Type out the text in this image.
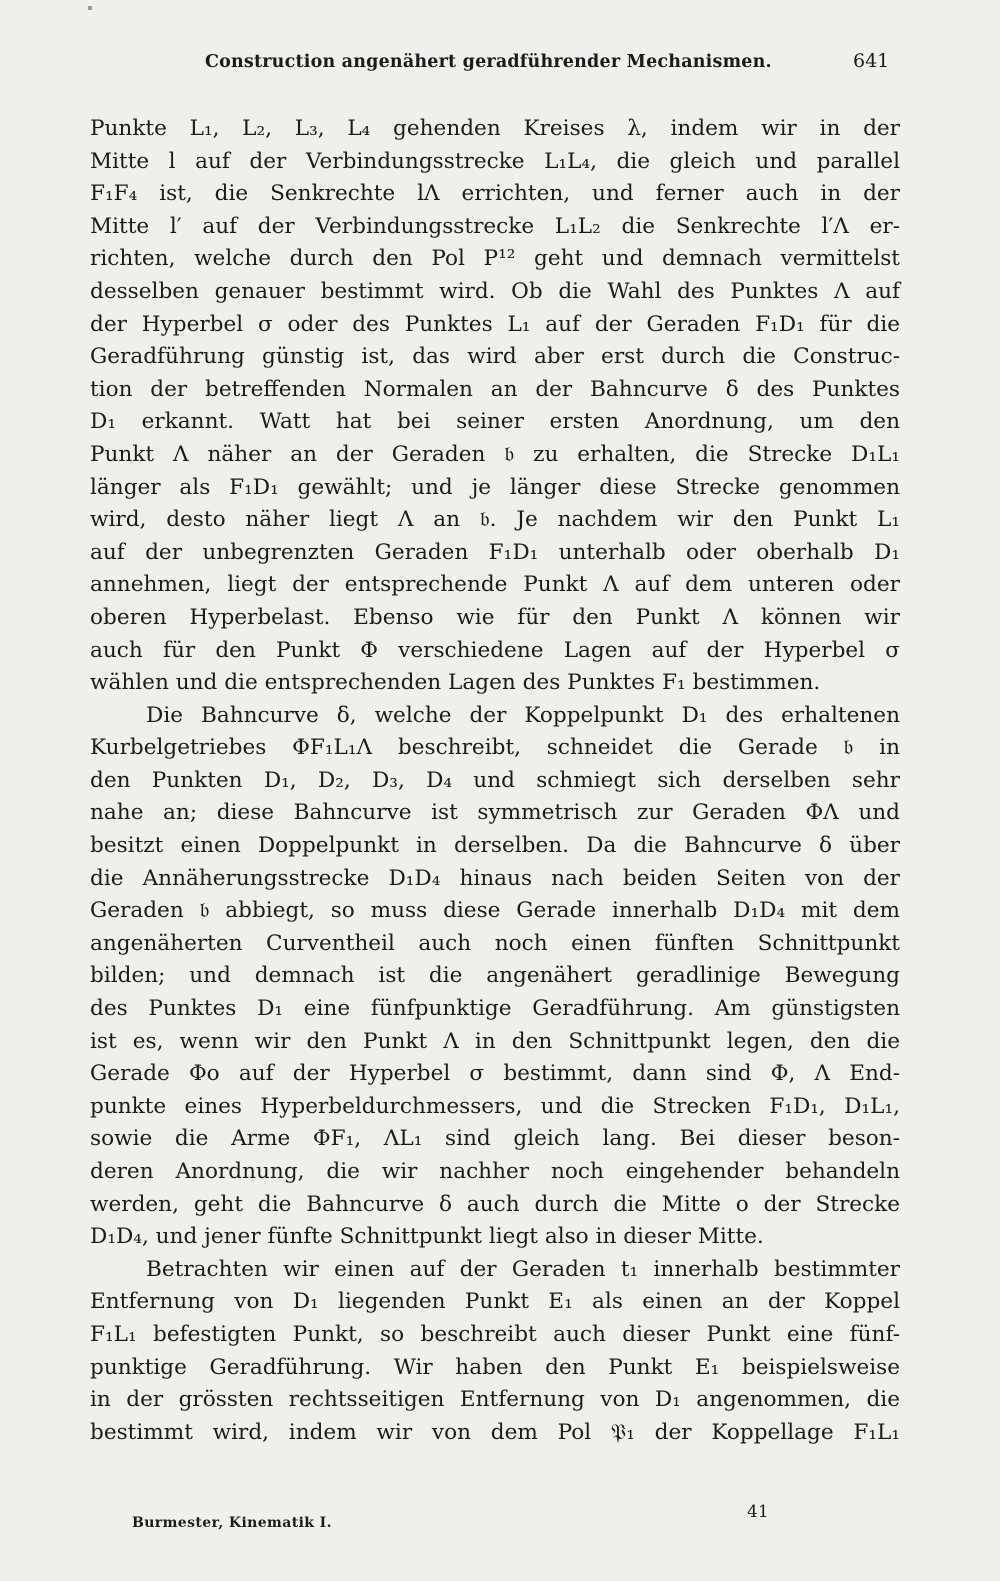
Construction angenähert geradführender Mechanismen.	641
Punkte L₁, L₂, L₃, L₄ gehenden Kreises λ, indem wir in der
Mitte l auf der Verbindungsstrecke L₁L₄, die gleich und parallel
F₁F₄ ist, die Senkrechte lΛ errichten, und ferner auch in der
Mitte l′ auf der Verbindungsstrecke L₁L₂ die Senkrechte l′Λ er-
richten, welche durch den Pol P¹² geht und demnach vermittelst
desselben genauer bestimmt wird. Ob die Wahl des Punktes Λ auf
der Hyperbel σ oder des Punktes L₁ auf der Geraden F₁D₁ für die
Geradführung günstig ist, das wird aber erst durch die Construc-
tion der betreffenden Normalen an der Bahncurve δ des Punktes
D₁ erkannt. Watt hat bei seiner ersten Anordnung, um den
Punkt Λ näher an der Geraden 𝔟 zu erhalten, die Strecke D₁L₁
länger als F₁D₁ gewählt; und je länger diese Strecke genommen
wird, desto näher liegt Λ an 𝔟. Je nachdem wir den Punkt L₁
auf der unbegrenzten Geraden F₁D₁ unterhalb oder oberhalb D₁
annehmen, liegt der entsprechende Punkt Λ auf dem unteren oder
oberen Hyperbelast. Ebenso wie für den Punkt Λ können wir
auch für den Punkt Φ verschiedene Lagen auf der Hyperbel σ
wählen und die entsprechenden Lagen des Punktes F₁ bestimmen.
Die Bahncurve δ, welche der Koppelpunkt D₁ des erhaltenen
Kurbelgetriebes ΦF₁L₁Λ beschreibt, schneidet die Gerade 𝔟 in
den Punkten D₁, D₂, D₃, D₄ und schmiegt sich derselben sehr
nahe an; diese Bahncurve ist symmetrisch zur Geraden ΦΛ und
besitzt einen Doppelpunkt in derselben. Da die Bahncurve δ über
die Annäherungsstrecke D₁D₄ hinaus nach beiden Seiten von der
Geraden 𝔟 abbiegt, so muss diese Gerade innerhalb D₁D₄ mit dem
angenäherten Curventheil auch noch einen fünften Schnittpunkt
bilden; und demnach ist die angenähert geradlinige Bewegung
des Punktes D₁ eine fünfpunktige Geradführung. Am günstigsten
ist es, wenn wir den Punkt Λ in den Schnittpunkt legen, den die
Gerade Φo auf der Hyperbel σ bestimmt, dann sind Φ, Λ End-
punkte eines Hyperbeldurchmessers, und die Strecken F₁D₁, D₁L₁,
sowie die Arme ΦF₁, ΛL₁ sind gleich lang. Bei dieser beson-
deren Anordnung, die wir nachher noch eingehender behandeln
werden, geht die Bahncurve δ auch durch die Mitte o der Strecke
D₁D₄, und jener fünfte Schnittpunkt liegt also in dieser Mitte.
Betrachten wir einen auf der Geraden t₁ innerhalb bestimmter
Entfernung von D₁ liegenden Punkt E₁ als einen an der Koppel
F₁L₁ befestigten Punkt, so beschreibt auch dieser Punkt eine fünf-
punktige Geradführung. Wir haben den Punkt E₁ beispielsweise
in der grössten rechtsseitigen Entfernung von D₁ angenommen, die
bestimmt wird, indem wir von dem Pol 𝔓₁ der Koppellage F₁L₁
Burmester, Kinematik I.
41
